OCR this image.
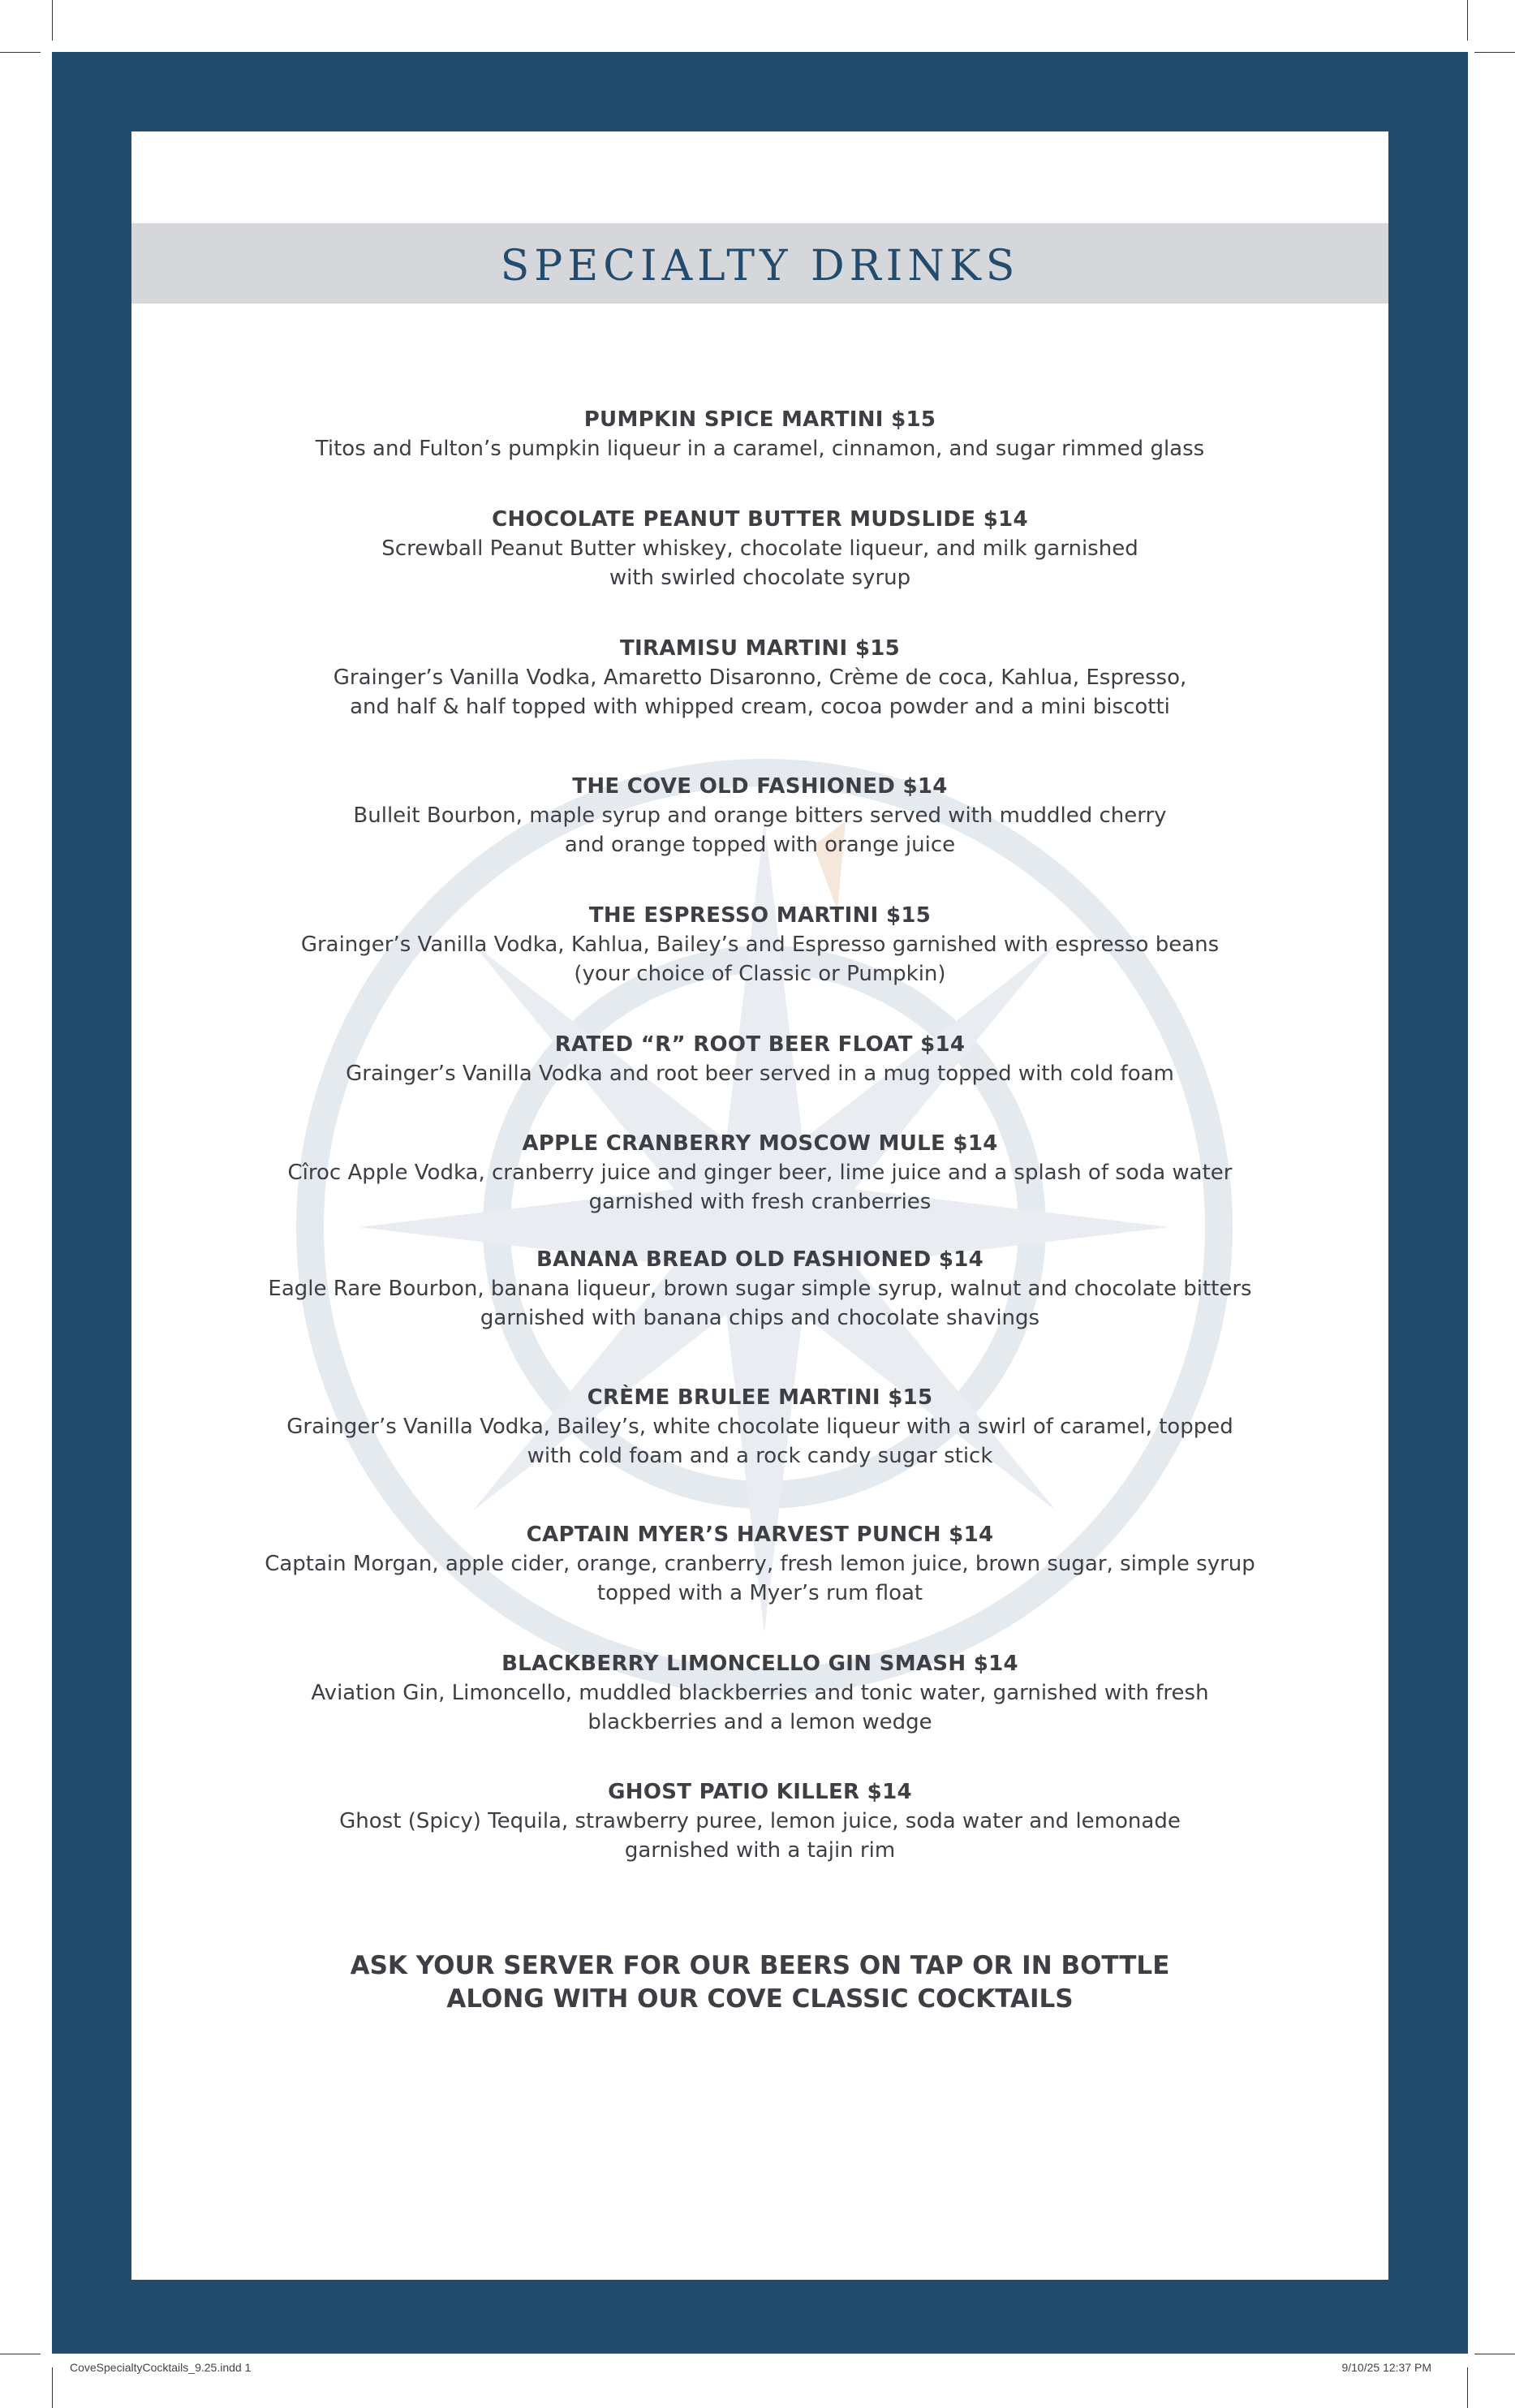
SPECIALTY DRINKS
PUMPKIN SPICE MARTINI $15
Titos and Fulton’s pumpkin liqueur in a caramel, cinnamon, and sugar rimmed glass
CHOCOLATE PEANUT BUTTER MUDSLIDE $14
Screwball Peanut Butter whiskey, chocolate liqueur, and milk garnished
with swirled chocolate syrup
TIRAMISU MARTINI $15
Grainger’s Vanilla Vodka, Amaretto Disaronno, Crème de coca, Kahlua, Espresso,
and half & half topped with whipped cream, cocoa powder and a mini biscotti
THE COVE OLD FASHIONED $14
Bulleit Bourbon, maple syrup and orange bitters served with muddled cherry
and orange topped with orange juice
THE ESPRESSO MARTINI $15
Grainger’s Vanilla Vodka, Kahlua, Bailey’s and Espresso garnished with espresso beans
(your choice of Classic or Pumpkin)
RATED “R” ROOT BEER FLOAT $14
Grainger’s Vanilla Vodka and root beer served in a mug topped with cold foam
APPLE CRANBERRY MOSCOW MULE $14
Cîroc Apple Vodka, cranberry juice and ginger beer, lime juice and a splash of soda water
garnished with fresh cranberries
BANANA BREAD OLD FASHIONED $14
Eagle Rare Bourbon, banana liqueur, brown sugar simple syrup, walnut and chocolate bitters
garnished with banana chips and chocolate shavings
CRÈME BRULEE MARTINI $15
Grainger’s Vanilla Vodka, Bailey’s, white chocolate liqueur with a swirl of caramel, topped
with cold foam and a rock candy sugar stick
CAPTAIN MYER’S HARVEST PUNCH $14
Captain Morgan, apple cider, orange, cranberry, fresh lemon juice, brown sugar, simple syrup
topped with a Myer’s rum float
BLACKBERRY LIMONCELLO GIN SMASH $14
Aviation Gin, Limoncello, muddled blackberries and tonic water, garnished with fresh
blackberries and a lemon wedge
GHOST PATIO KILLER $14
Ghost (Spicy) Tequila, strawberry puree, lemon juice, soda water and lemonade
garnished with a tajin rim
ASK YOUR SERVER FOR OUR BEERS ON TAP OR IN BOTTLE
ALONG WITH OUR COVE CLASSIC COCKTAILS
CoveSpecialtyCocktails_9.25.indd 1	9/10/25 12:37 PM
